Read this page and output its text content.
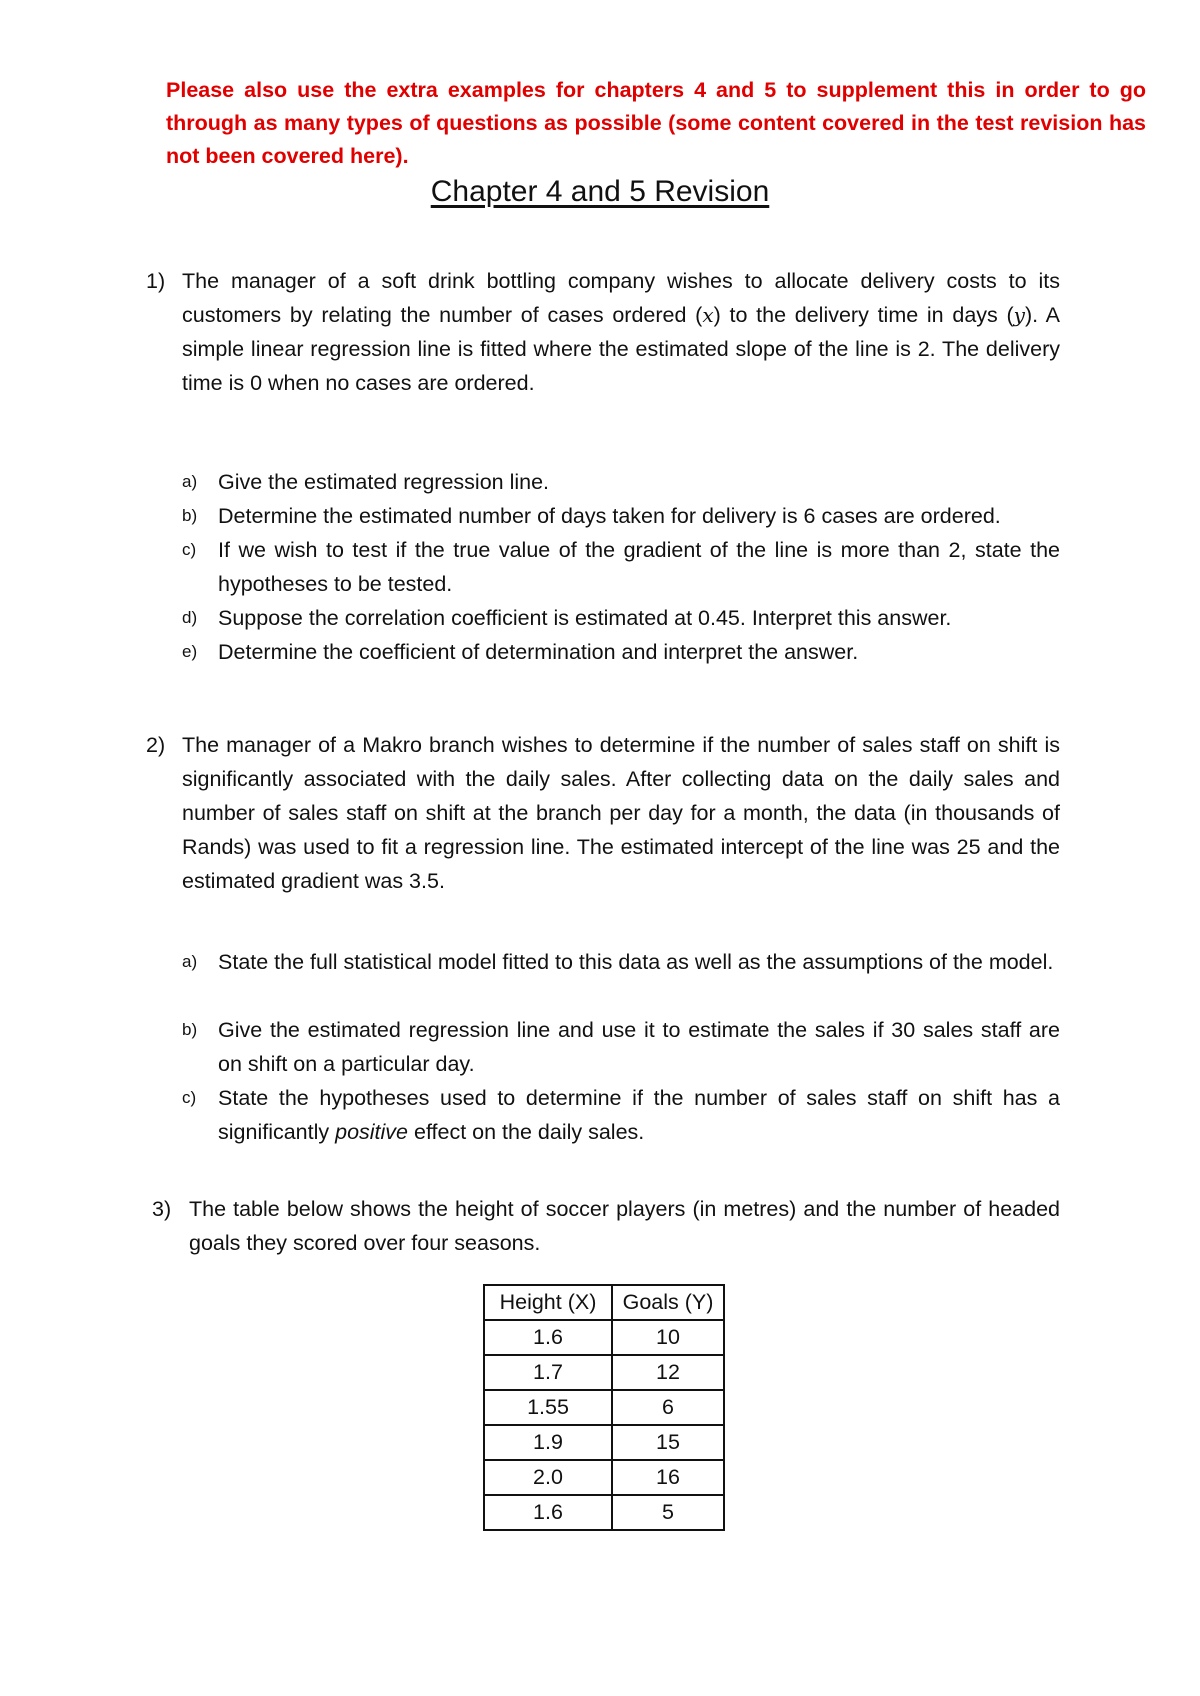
Please also use the extra examples for chapters 4 and 5 to supplement this in order to go through as many types of questions as possible (some content covered in the test revision has not been covered here).
Chapter 4 and 5 Revision
1) The manager of a soft drink bottling company wishes to allocate delivery costs to its customers by relating the number of cases ordered (x) to the delivery time in days (y). A simple linear regression line is fitted where the estimated slope of the line is 2. The delivery time is 0 when no cases are ordered.
a) Give the estimated regression line.
b) Determine the estimated number of days taken for delivery is 6 cases are ordered.
c) If we wish to test if the true value of the gradient of the line is more than 2, state the hypotheses to be tested.
d) Suppose the correlation coefficient is estimated at 0.45. Interpret this answer.
e) Determine the coefficient of determination and interpret the answer.
2) The manager of a Makro branch wishes to determine if the number of sales staff on shift is significantly associated with the daily sales. After collecting data on the daily sales and number of sales staff on shift at the branch per day for a month, the data (in thousands of Rands) was used to fit a regression line. The estimated intercept of the line was 25 and the estimated gradient was 3.5.
a) State the full statistical model fitted to this data as well as the assumptions of the model.
b) Give the estimated regression line and use it to estimate the sales if 30 sales staff are on shift on a particular day.
c) State the hypotheses used to determine if the number of sales staff on shift has a significantly positive effect on the daily sales.
3) The table below shows the height of soccer players (in metres) and the number of headed goals they scored over four seasons.
Height (X)	Goals (Y)
1.6	10
1.7	12
1.55	6
1.9	15
2.0	16
1.6	5
